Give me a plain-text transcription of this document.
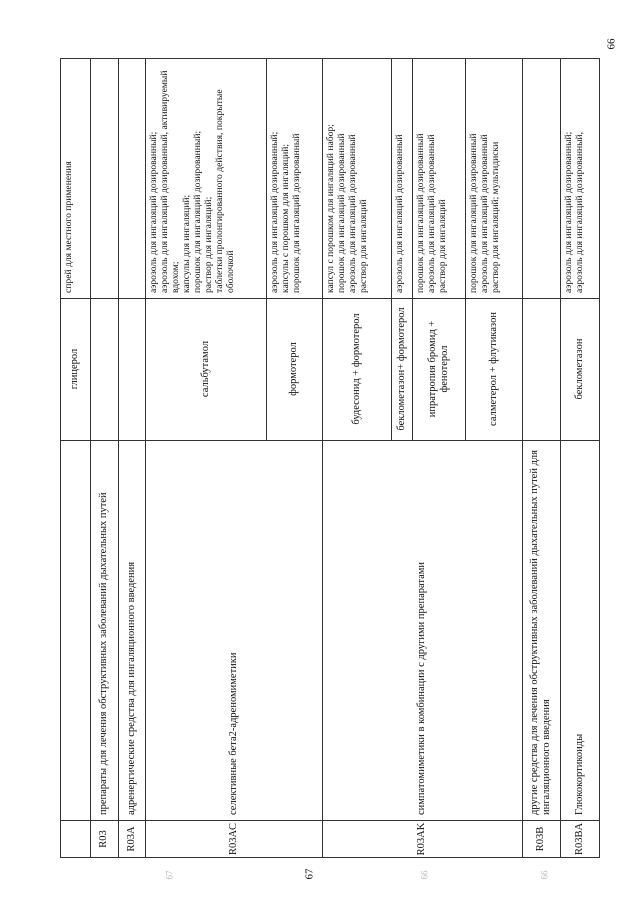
спрей для местного применения
глицерол
препараты для лечения обструктивных заболеваний дыхательных путей
R03
адренергические средства для ингаляционного введения
R03A
аэрозоль для ингаляций дозированный;
аэрозоль для ингаляций дозированный, активируемый вдохом;
капсулы для ингаляций;
порошок для ингаляций дозированный;
раствор для ингаляций;
таблетки пролонгированного действия, покрытые оболочкой
сальбутамол
селективные бета2-адреномиметики
R03AC
аэрозоль для ингаляций дозированный;
капсулы с порошком для ингаляций;
порошок для ингаляций дозированный
формотерол
капсул с порошком для ингаляций набор;
порошок для ингаляций дозированный
аэрозоль для ингаляций дозированный
раствор для ингаляций
будесонид + формотерол
симпатомиметики в комбинации с другими препаратами
R03AK
аэрозоль для ингаляций дозированный
беклометазон+ формотерол
порошок для ингаляций дозированный
аэрозоль для ингаляций дозированный
раствор для ингаляций
ипратропия бромид + фенотерол
порошок для ингаляций дозированный
аэрозоль для ингаляций дозированный
раствор для ингаляций; мультидиски
салметерол + флутиказон
другие средства для лечения обструктивных заболеваний дыхательных путей для ингаляционного введения
R03B
аэрозоль для ингаляций дозированный;
аэрозоль для ингаляций дозированный,
беклометазон
Глюкокортикоиды
R03BA
67
66
67	66	66
